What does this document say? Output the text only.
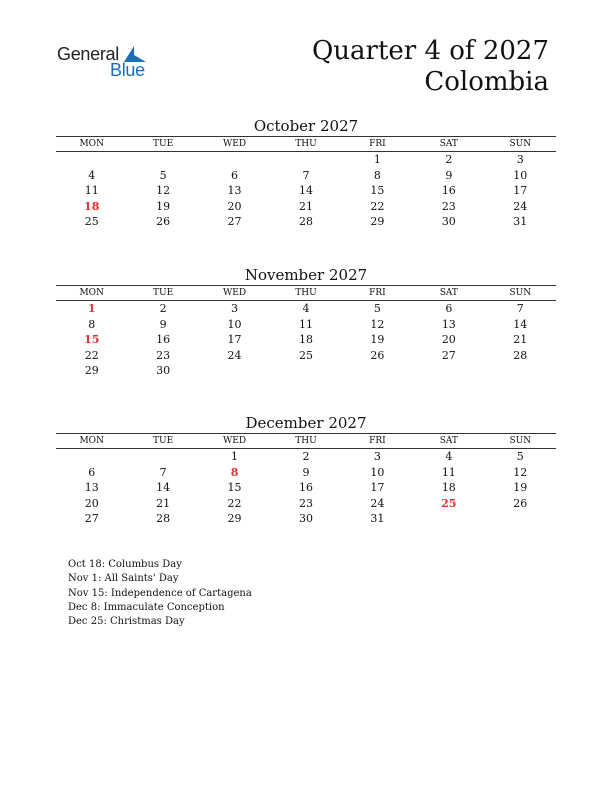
General
Blue
Quarter 4 of 2027
Colombia
October 2027
MON	TUE	WED	THU	FRI	SAT	SUN
				1	2	3
4	5	6	7	8	9	10
11	12	13	14	15	16	17
18	19	20	21	22	23	24
25	26	27	28	29	30	31
November 2027
MON	TUE	WED	THU	FRI	SAT	SUN
1	2	3	4	5	6	7
8	9	10	11	12	13	14
15	16	17	18	19	20	21
22	23	24	25	26	27	28
29	30					
December 2027
MON	TUE	WED	THU	FRI	SAT	SUN
		1	2	3	4	5
6	7	8	9	10	11	12
13	14	15	16	17	18	19
20	21	22	23	24	25	26
27	28	29	30	31		
Oct 18: Columbus Day
Nov 1: All Saints' Day
Nov 15: Independence of Cartagena
Dec 8: Immaculate Conception
Dec 25: Christmas Day
